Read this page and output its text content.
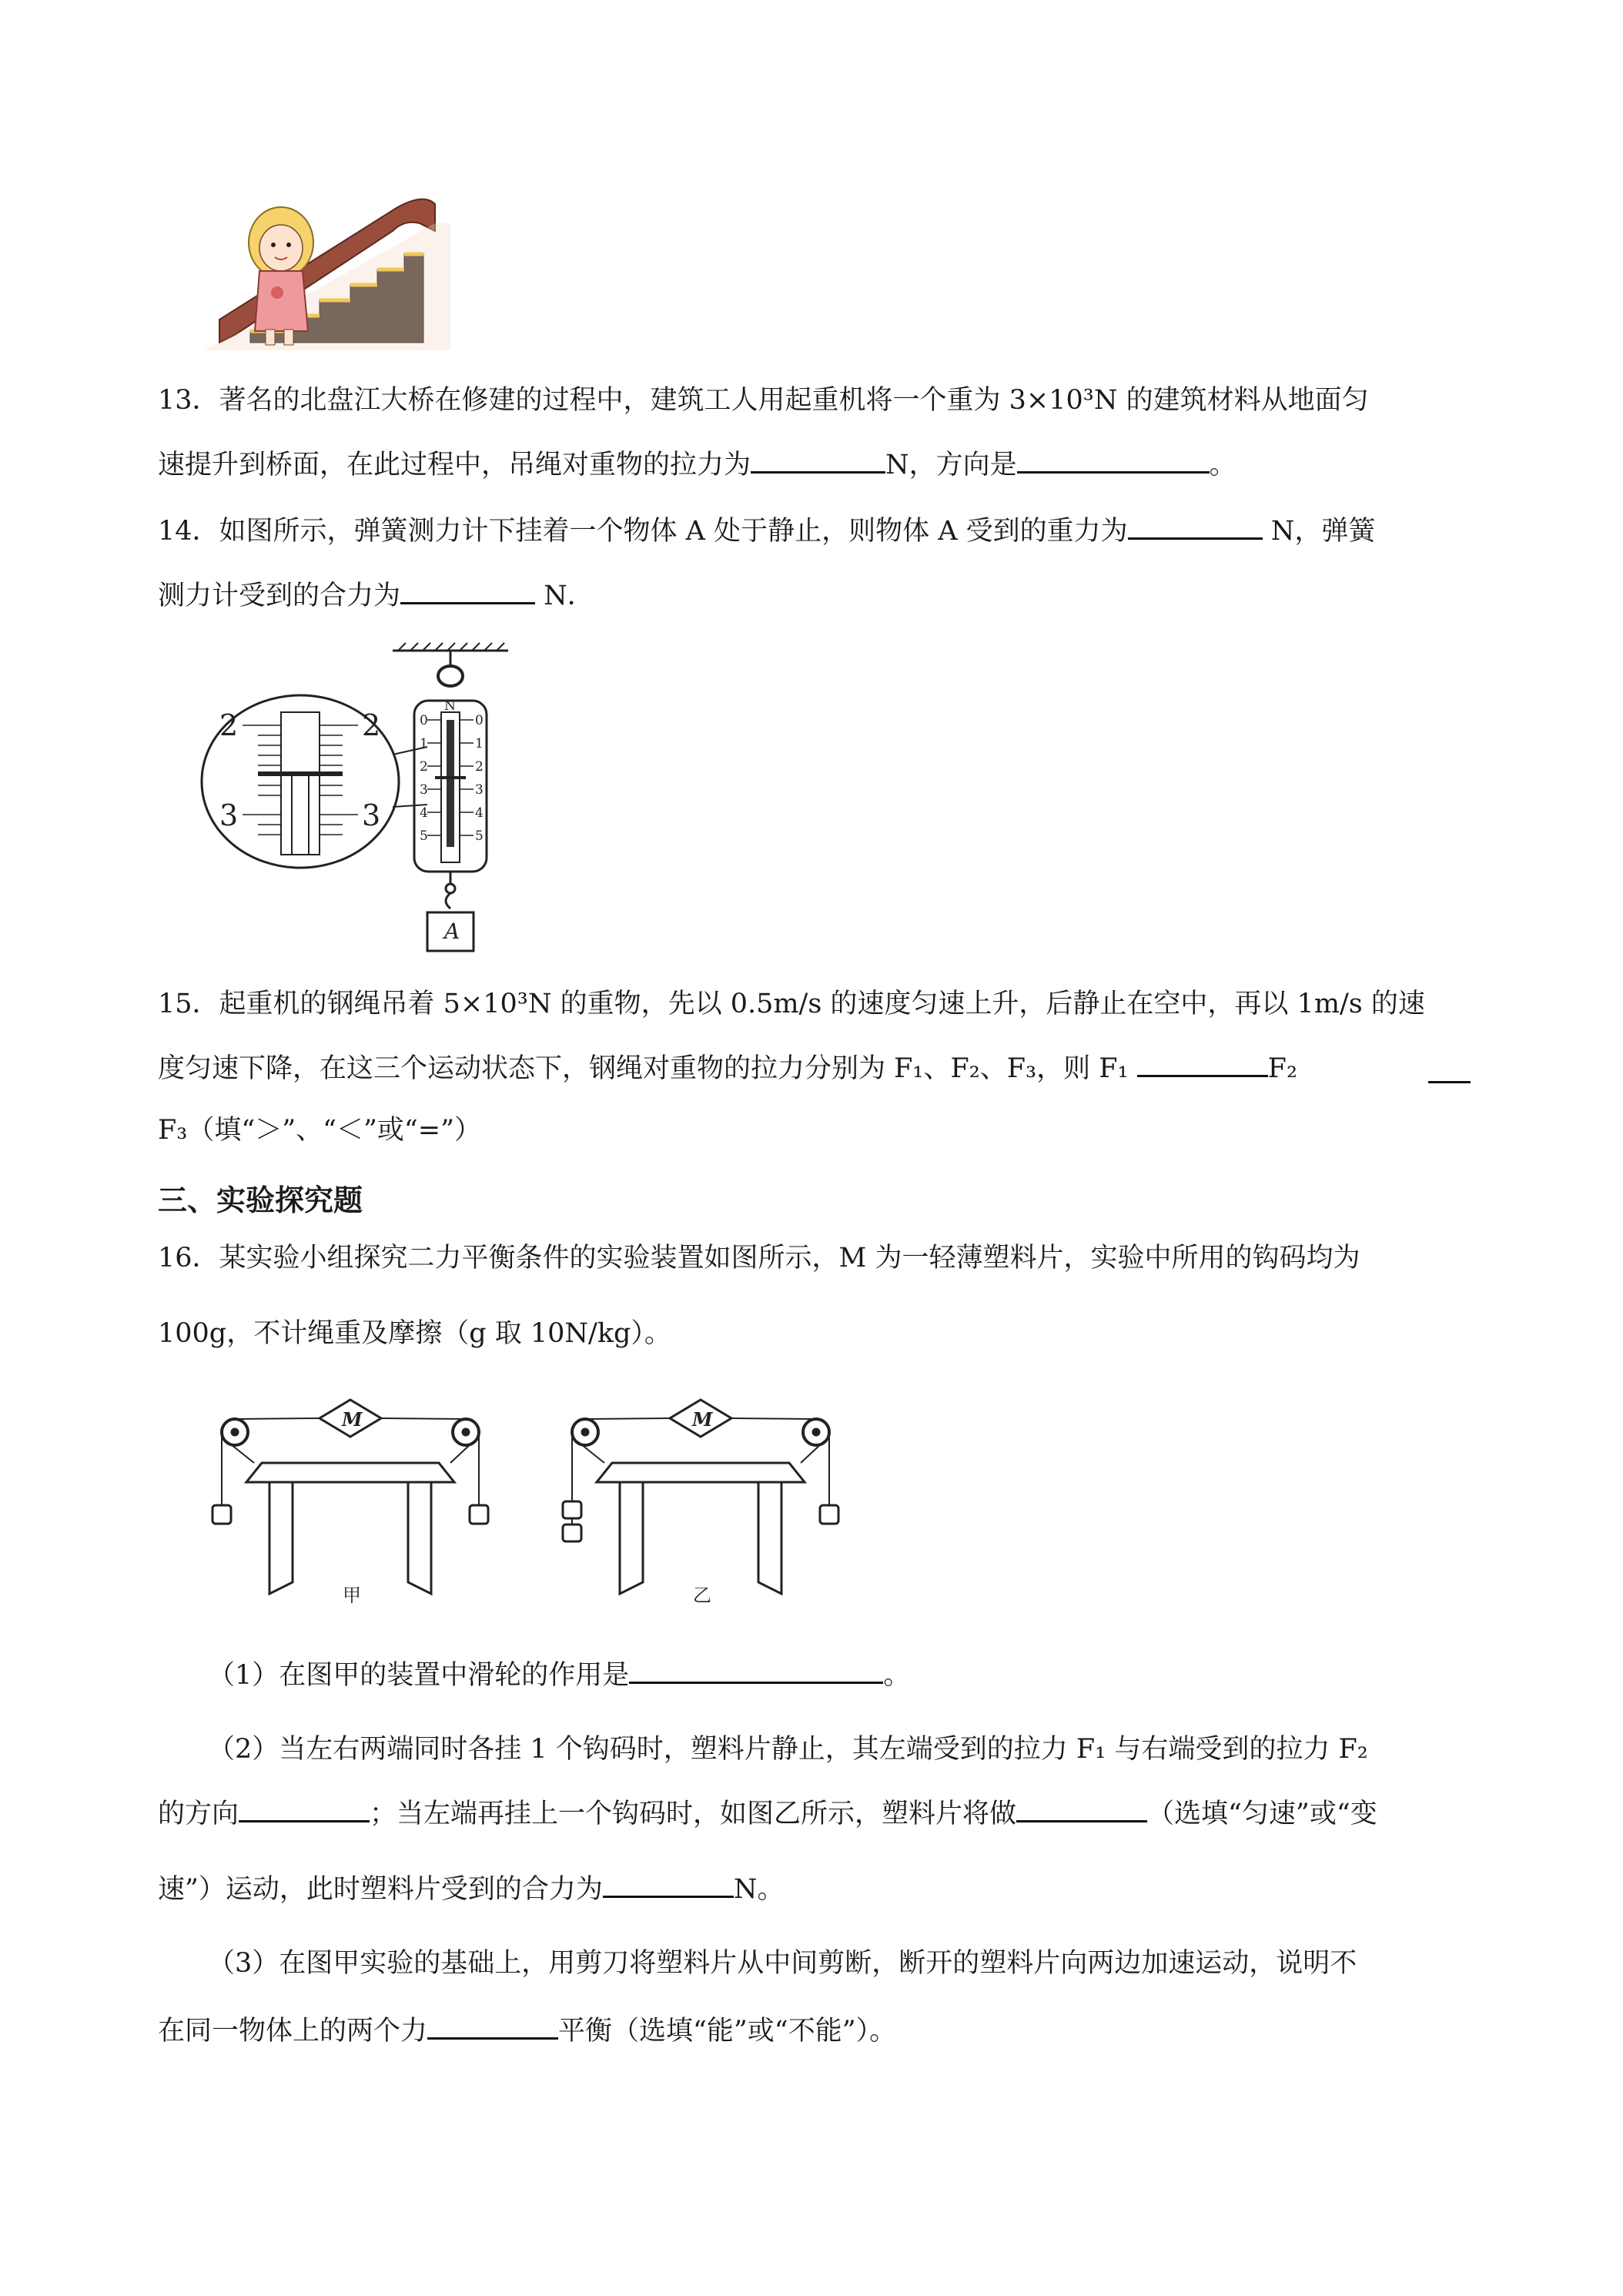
13．著名的北盘江大桥在修建的过程中，建筑工人用起重机将一个重为 3×10³N 的建筑材料从地面匀
速提升到桥面，在此过程中，吊绳对重物的拉力为	N，方向是	。
14．如图所示，弹簧测力计下挂着一个物体 A 处于静止，则物体 A 受到的重力为	N，弹簧
测力计受到的合力为	N．
N
0
1
2
3
4
5
0
1
2
3
4
5
A
2	2
3	3
15．起重机的钢绳吊着 5×10³N 的重物，先以 0.5m/s 的速度匀速上升，后静止在空中，再以 1m/s 的速
度匀速下降，在这三个运动状态下，钢绳对重物的拉力分别为 F₁、F₂、F₃，则 F₁	F₂
F₃（填“＞”、“＜”或“=”）
三、实验探究题
16．某实验小组探究二力平衡条件的实验装置如图所示，M 为一轻薄塑料片，实验中所用的钩码均为
100g，不计绳重及摩擦（g 取 10N/kg）。
M
甲
M
乙
（1）在图甲的装置中滑轮的作用是	。
（2）当左右两端同时各挂 1 个钩码时，塑料片静止，其左端受到的拉力 F₁ 与右端受到的拉力 F₂
的方向	；当左端再挂上一个钩码时，如图乙所示，塑料片将做	（选填“匀速”或“变
速”）运动，此时塑料片受到的合力为	N。
（3）在图甲实验的基础上，用剪刀将塑料片从中间剪断，断开的塑料片向两边加速运动，说明不
在同一物体上的两个力	平衡（选填“能”或“不能”）。
